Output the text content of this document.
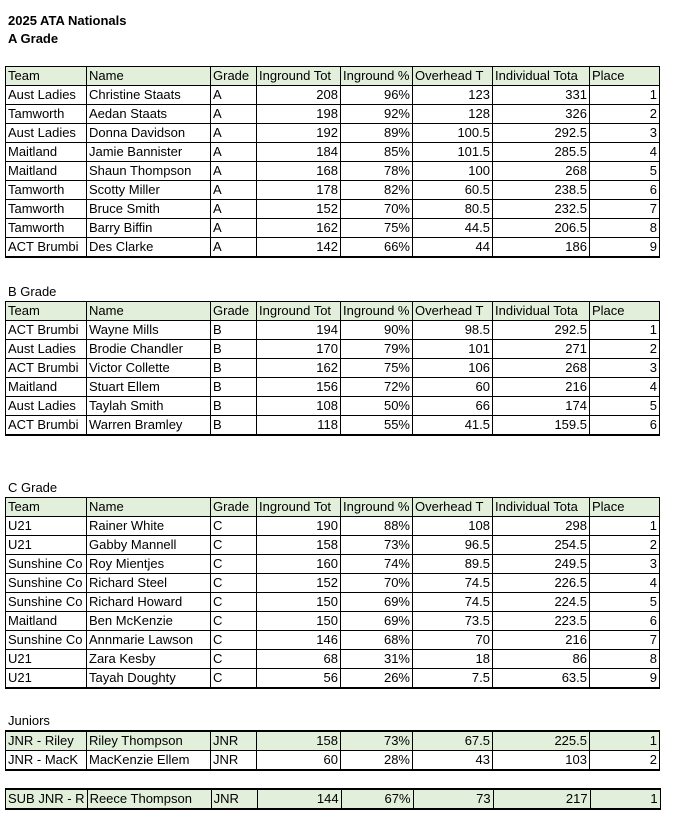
2025 ATA Nationals
A Grade
Team	Name	Grade	Inground Tot	Inground %	Overhead T	Individual Tota	Place
Aust Ladies	Christine Staats	A	208	96%	123	331	1
Tamworth	Aedan Staats	A	198	92%	128	326	2
Aust Ladies	Donna Davidson	A	192	89%	100.5	292.5	3
Maitland	Jamie Bannister	A	184	85%	101.5	285.5	4
Maitland	Shaun Thompson	A	168	78%	100	268	5
Tamworth	Scotty Miller	A	178	82%	60.5	238.5	6
Tamworth	Bruce Smith	A	152	70%	80.5	232.5	7
Tamworth	Barry Biffin	A	162	75%	44.5	206.5	8
ACT Brumbi	Des Clarke	A	142	66%	44	186	9
B Grade
Team	Name	Grade	Inground Tot	Inground %	Overhead T	Individual Tota	Place
ACT Brumbi	Wayne Mills	B	194	90%	98.5	292.5	1
Aust Ladies	Brodie Chandler	B	170	79%	101	271	2
ACT Brumbi	Victor Collette	B	162	75%	106	268	3
Maitland	Stuart Ellem	B	156	72%	60	216	4
Aust Ladies	Taylah Smith	B	108	50%	66	174	5
ACT Brumbi	Warren Bramley	B	118	55%	41.5	159.5	6
C Grade
Team	Name	Grade	Inground Tot	Inground %	Overhead T	Individual Tota	Place
U21	Rainer White	C	190	88%	108	298	1
U21	Gabby Mannell	C	158	73%	96.5	254.5	2
Sunshine Co	Roy Mientjes	C	160	74%	89.5	249.5	3
Sunshine Co	Richard Steel	C	152	70%	74.5	226.5	4
Sunshine Co	Richard Howard	C	150	69%	74.5	224.5	5
Maitland	Ben McKenzie	C	150	69%	73.5	223.5	6
Sunshine Co	Annmarie Lawson	C	146	68%	70	216	7
U21	Zara Kesby	C	68	31%	18	86	8
U21	Tayah Doughty	C	56	26%	7.5	63.5	9
Juniors
JNR - Riley	Riley Thompson	JNR	158	73%	67.5	225.5	1
JNR - MacK	MacKenzie Ellem	JNR	60	28%	43	103	2
SUB JNR - R	Reece Thompson	JNR	144	67%	73	217	1
